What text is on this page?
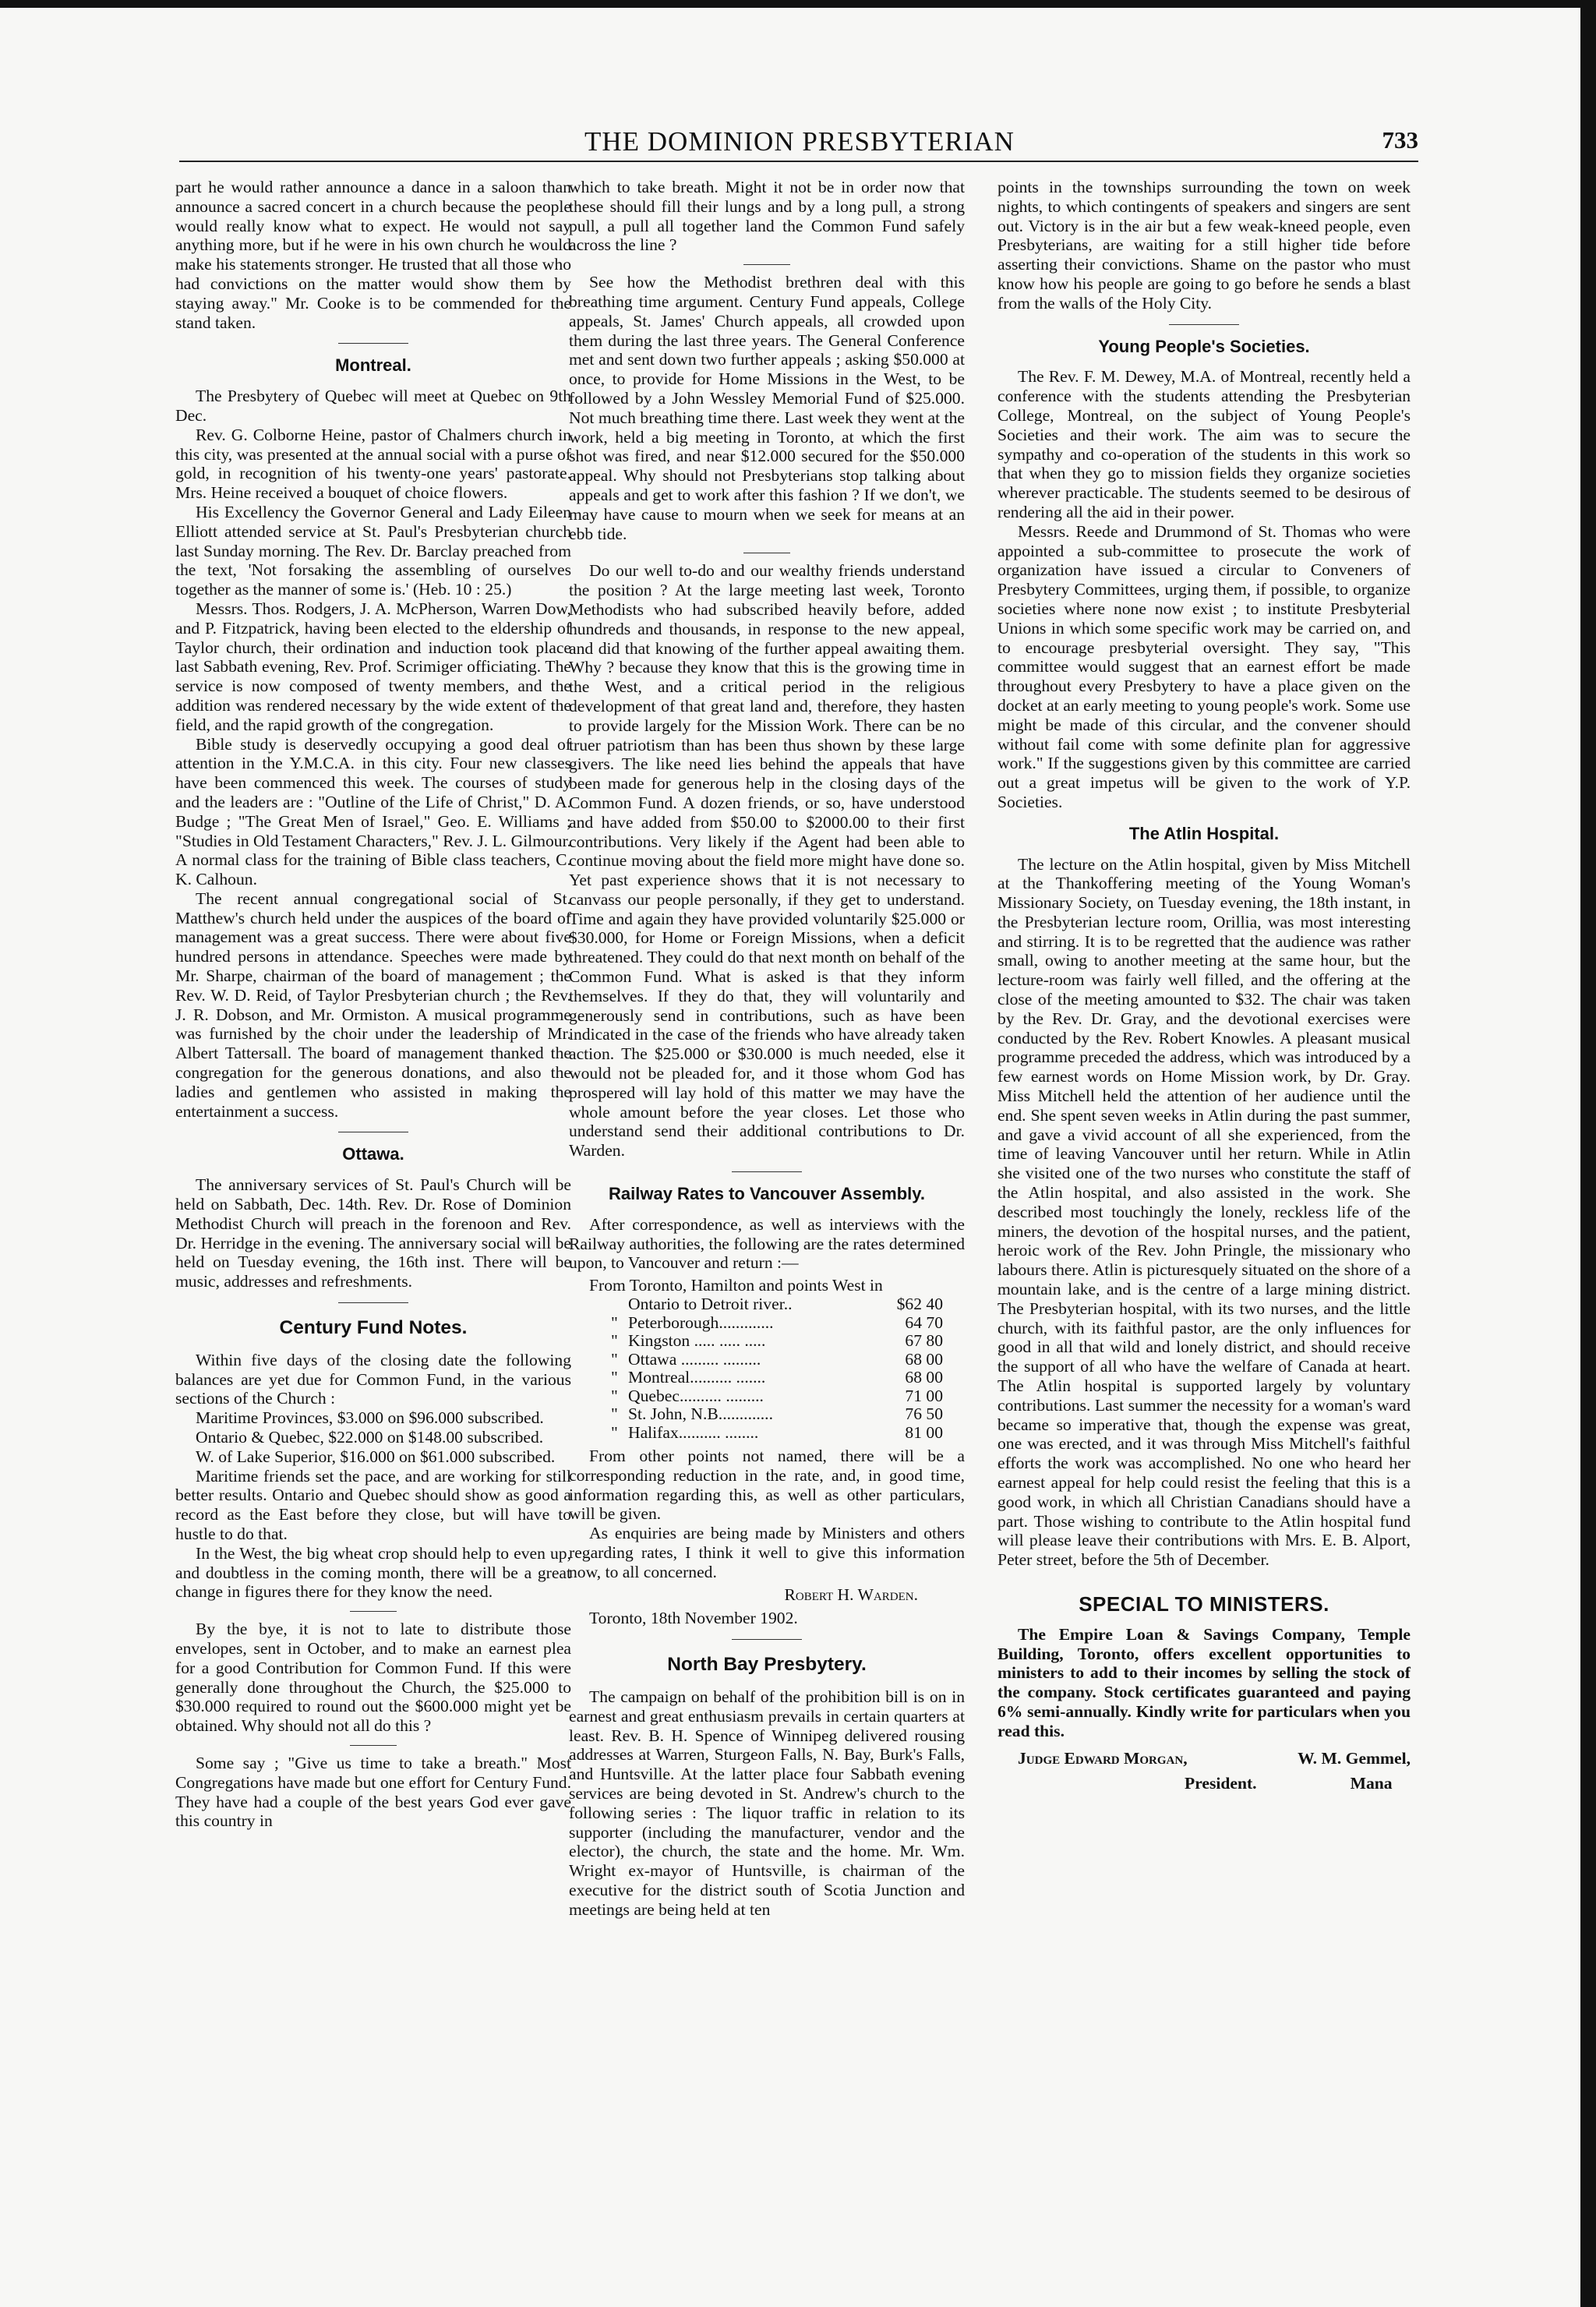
THE DOMINION PRESBYTERIAN	733

part he would rather announce a dance in a saloon than announce a sacred concert in a church because the people would really know what to expect. He would not say anything more, but if he were in his own church he would make his statements stronger. He trusted that all those who had convictions on the matter would show them by staying away." Mr. Cooke is to be commended for the stand taken.

Montreal.

The Presbytery of Quebec will meet at Quebec on 9th Dec.

Rev. G. Colborne Heine, pastor of Chalmers church in this city, was presented at the annual social with a purse of gold, in recognition of his twenty-one years' pastorate. Mrs. Heine received a bouquet of choice flowers.

His Excellency the Governor General and Lady Eileen Elliott attended service at St. Paul's Presbyterian church last Sunday morning. The Rev. Dr. Barclay preached from the text, 'Not forsaking the assembling of ourselves together as the manner of some is.' (Heb. 10 : 25.)

Messrs. Thos. Rodgers, J. A. McPherson, Warren Dow, and P. Fitzpatrick, having been elected to the eldership of Taylor church, their ordination and induction took place last Sabbath evening, Rev. Prof. Scrimiger officiating. The service is now composed of twenty members, and the addition was rendered necessary by the wide extent of the field, and the rapid growth of the congregation.

Bible study is deservedly occupying a good deal of attention in the Y.M.C.A. in this city. Four new classes have been commenced this week. The courses of study and the leaders are : "Outline of the Life of Christ," D. A. Budge ; "The Great Men of Israel," Geo. E. Williams ; "Studies in Old Testament Characters," Rev. J. L. Gilmour. A normal class for the training of Bible class teachers, C. K. Calhoun.

The recent annual congregational social of St. Matthew's church held under the auspices of the board of management was a great success. There were about five hundred persons in attendance. Speeches were made by Mr. Sharpe, chairman of the board of management ; the Rev. W. D. Reid, of Taylor Presbyterian church ; the Rev. J. R. Dobson, and Mr. Ormiston. A musical programme was furnished by the choir under the leadership of Mr. Albert Tattersall. The board of management thanked the congregation for the generous donations, and also the ladies and gentlemen who assisted in making the entertainment a success.

Ottawa.

The anniversary services of St. Paul's Church will be held on Sabbath, Dec. 14th. Rev. Dr. Rose of Dominion Methodist Church will preach in the forenoon and Rev. Dr. Herridge in the evening. The anniversary social will be held on Tuesday evening, the 16th inst. There will be music, addresses and refreshments.

Century Fund Notes.

Within five days of the closing date the following balances are yet due for Common Fund, in the various sections of the Church :

Maritime Provinces, $3.000 on $96.000 subscribed.

Ontario & Quebec, $22.000 on $148.00 subscribed.

W. of Lake Superior, $16.000 on $61.000 subscribed.

Maritime friends set the pace, and are working for still better results. Ontario and Quebec should show as good a record as the East before they close, but will have to hustle to do that.

In the West, the big wheat crop should help to even up, and doubtless in the coming month, there will be a great change in figures there for they know the need.

By the bye, it is not to late to distribute those envelopes, sent in October, and to make an earnest plea for a good Contribution for Common Fund. If this were generally done throughout the Church, the $25.000 to $30.000 required to round out the $600.000 might yet be obtained. Why should not all do this ?

Some say ; "Give us time to take a breath." Most Congregations have made but one effort for Century Fund. They have had a couple of the best years God ever gave this country in

which to take breath. Might it not be in order now that these should fill their lungs and by a long pull, a strong pull, a pull all together land the Common Fund safely across the line ?

See how the Methodist brethren deal with this breathing time argument. Century Fund appeals, College appeals, St. James' Church appeals, all crowded upon them during the last three years. The General Conference met and sent down two further appeals ; asking $50.000 at once, to provide for Home Missions in the West, to be followed by a John Wessley Memorial Fund of $25.000. Not much breathing time there. Last week they went at the work, held a big meeting in Toronto, at which the first shot was fired, and near $12.000 secured for the $50.000 appeal. Why should not Presbyterians stop talking about appeals and get to work after this fashion ? If we don't, we may have cause to mourn when we seek for means at an ebb tide.

Do our well to-do and our wealthy friends understand the position ? At the large meeting last week, Toronto Methodists who had subscribed heavily before, added hundreds and thousands, in response to the new appeal, and did that knowing of the further appeal awaiting them. Why ? because they know that this is the growing time in the West, and a critical period in the religious development of that great land and, therefore, they hasten to provide largely for the Mission Work. There can be no truer patriotism than has been thus shown by these large givers. The like need lies behind the appeals that have been made for generous help in the closing days of the Common Fund. A dozen friends, or so, have understood and have added from $50.00 to $2000.00 to their first contributions. Very likely if the Agent had been able to continue moving about the field more might have done so. Yet past experience shows that it is not necessary to canvass our people personally, if they get to understand. Time and again they have provided voluntarily $25.000 or $30.000, for Home or Foreign Missions, when a deficit threatened. They could do that next month on behalf of the Common Fund. What is asked is that they inform themselves. If they do that, they will voluntarily and generously send in contributions, such as have been indicated in the case of the friends who have already taken action. The $25.000 or $30.000 is much needed, else it would not be pleaded for, and it those whom God has prospered will lay hold of this matter we may have the whole amount before the year closes. Let those who understand send their additional contributions to Dr. Warden.

Railway Rates to Vancouver Assembly.

After correspondence, as well as interviews with the Railway authorities, the following are the rates determined upon, to Vancouver and return :—

From Toronto, Hamilton and points West in
Ontario to Detroit river..	$62 40
" Peterborough.............	64 70
" Kingston ..... ..... .....	67 80
" Ottawa ......... .........	68 00
" Montreal.......... .......	68 00
" Quebec.......... .........	71 00
" St. John, N.B.............	76 50
" Halifax.......... ........	81 00

From other points not named, there will be a corresponding reduction in the rate, and, in good time, information regarding this, as well as other particulars, will be given.

As enquiries are being made by Ministers and others regarding rates, I think it well to give this information now, to all concerned.

Robert H. Warden.
Toronto, 18th November 1902.
North Bay Presbytery.

The campaign on behalf of the prohibition bill is on in earnest and great enthusiasm prevails in certain quarters at least. Rev. B. H. Spence of Winnipeg delivered rousing addresses at Warren, Sturgeon Falls, N. Bay, Burk's Falls, and Huntsville. At the latter place four Sabbath evening services are being devoted in St. Andrew's church to the following series : The liquor traffic in relation to its supporter (including the manufacturer, vendor and the elector), the church, the state and the home. Mr. Wm. Wright ex-mayor of Huntsville, is chairman of the executive for the district south of Scotia Junction and meetings are being held at ten

points in the townships surrounding the town on week nights, to which contingents of speakers and singers are sent out. Victory is in the air but a few weak-kneed people, even Presbyterians, are waiting for a still higher tide before asserting their convictions. Shame on the pastor who must know how his people are going to go before he sends a blast from the walls of the Holy City.

Young People's Societies.

The Rev. F. M. Dewey, M.A. of Montreal, recently held a conference with the students attending the Presbyterian College, Montreal, on the subject of Young People's Societies and their work. The aim was to secure the sympathy and co-operation of the students in this work so that when they go to mission fields they organize societies wherever practicable. The students seemed to be desirous of rendering all the aid in their power.

Messrs. Reede and Drummond of St. Thomas who were appointed a sub-committee to prosecute the work of organization have issued a circular to Conveners of Presbytery Committees, urging them, if possible, to organize societies where none now exist ; to institute Presbyterial Unions in which some specific work may be carried on, and to encourage presbyterial oversight. They say, "This committee would suggest that an earnest effort be made throughout every Presbytery to have a place given on the docket at an early meeting to young people's work. Some use might be made of this circular, and the convener should without fail come with some definite plan for aggressive work." If the suggestions given by this committee are carried out a great impetus will be given to the work of Y.P. Societies.

The Atlin Hospital.

The lecture on the Atlin hospital, given by Miss Mitchell at the Thankoffering meeting of the Young Woman's Missionary Society, on Tuesday evening, the 18th instant, in the Presbyterian lecture room, Orillia, was most interesting and stirring. It is to be regretted that the audience was rather small, owing to another meeting at the same hour, but the lecture-room was fairly well filled, and the offering at the close of the meeting amounted to $32. The chair was taken by the Rev. Dr. Gray, and the devotional exercises were conducted by the Rev. Robert Knowles. A pleasant musical programme preceded the address, which was introduced by a few earnest words on Home Mission work, by Dr. Gray. Miss Mitchell held the attention of her audience until the end. She spent seven weeks in Atlin during the past summer, and gave a vivid account of all she experienced, from the time of leaving Vancouver until her return. While in Atlin she visited one of the two nurses who constitute the staff of the Atlin hospital, and also assisted in the work. She described most touchingly the lonely, reckless life of the miners, the devotion of the hospital nurses, and the patient, heroic work of the Rev. John Pringle, the missionary who labours there. Atlin is picturesquely situated on the shore of a mountain lake, and is the centre of a large mining district. The Presbyterian hospital, with its two nurses, and the little church, with its faithful pastor, are the only influences for good in all that wild and lonely district, and should receive the support of all who have the welfare of Canada at heart. The Atlin hospital is supported largely by voluntary contributions. Last summer the necessity for a woman's ward became so imperative that, though the expense was great, one was erected, and it was through Miss Mitchell's faithful efforts the work was accomplished. No one who heard her earnest appeal for help could resist the feeling that this is a good work, in which all Christian Canadians should have a part. Those wishing to contribute to the Atlin hospital fund will please leave their contributions with Mrs. E. B. Alport, Peter street, before the 5th of December.

SPECIAL TO MINISTERS.

The Empire Loan & Savings Company, Temple Building, Toronto, offers excellent opportunities to ministers to add to their incomes by selling the stock of the company. Stock certificates guaranteed and paying 6% semi-annually. Kindly write for particulars when you read this.

Judge Edward Morgan,	W. M. Gemmel,
President.	Mana
